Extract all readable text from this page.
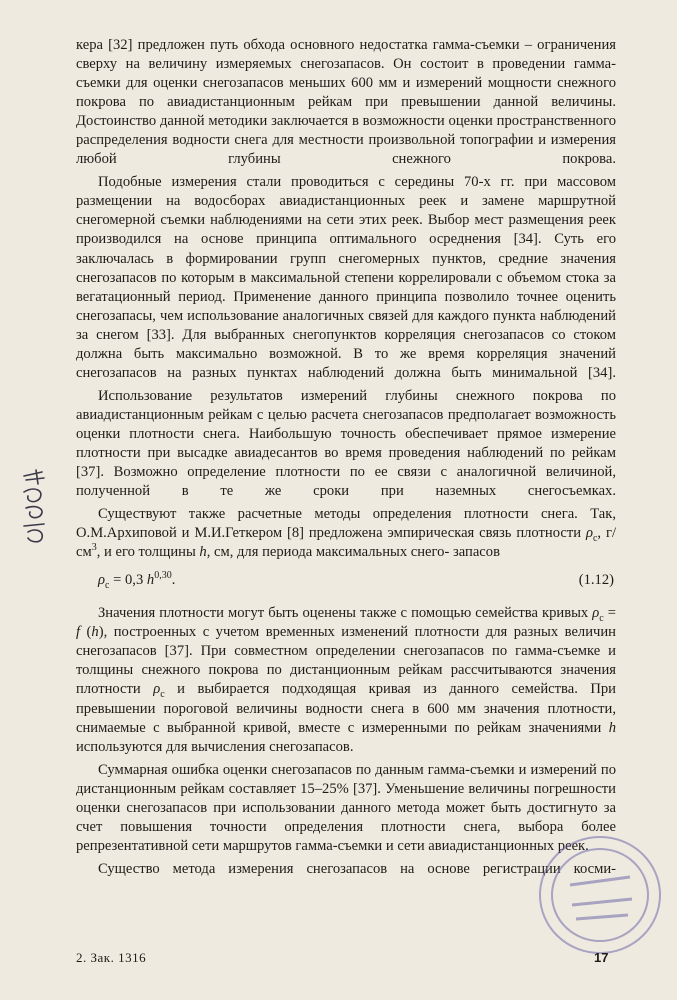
кера [32] предложен путь обхода основного недостатка гамма-съемки – ограничения сверху на величину измеряемых снегозапасов. Он состоит в проведении гамма-съемки для оценки снегозапасов меньших 600 мм и измерений мощности снежного покрова по авиадистанционным рейкам при превышении данной величины. Достоинство данной методики заключается в возможности оценки пространственного распределения водности снега для местности произвольной топографии и измерения любой глубины снежного покрова.

Подобные измерения стали проводиться с середины 70-х гг. при массовом размещении на водосборах авиадистанционных реек и замене маршрутной снегомерной съемки наблюдениями на сети этих реек. Выбор мест размещения реек производился на основе принципа оптимального осреднения [34]. Суть его заключалась в формировании групп снегомерных пунктов, средние значения снегозапасов по которым в максимальной степени коррелировали с объемом стока за вегатационный период. Применение данного принципа позволило точнее оценить снегозапасы, чем использование аналогичных связей для каждого пункта наблюдений за снегом [33]. Для выбранных снегопунктов корреляция снегозапасов со стоком должна быть максимально возможной. В то же время корреляция значений снегозапасов на разных пунктах наблюдений должна быть минимальной [34].

Использование результатов измерений глубины снежного покрова по авиадистанционным рейкам с целью расчета снегозапасов предполагает возможность оценки плотности снега. Наибольшую точность обеспечивает прямое измерение плотности при высадке авиадесантов во время проведения наблюдений по рейкам [37]. Возможно определение плотности по ее связи с аналогичной величиной, полученной в те же сроки при наземных снегосъемках.

Существуют также расчетные методы определения плотности снега. Так, О.М.Архиповой и М.И.Геткером [8] предложена эмпирическая связь плотности $\rho_с$, $г/см^3$, и его толщины h, см, для периода максимальных снего- запасов

$\rho_с = 0,3$ $h^{0,30}$.	(1.12)

Значения плотности могут быть оценены также с помощью семейства кривых $\rho_с = f$ (h), построенных с учетом временных изменений плотности для разных величин снегозапасов [37]. При совместном определении снегозапасов по гамма-съемке и толщины снежного покрова по дистанционным рейкам рассчитываются значения плотности $\rho_с$ и выбирается подходящая кривая из данного семейства. При превышении пороговой величины водности снега в 600 мм значения плотности, снимаемые с выбранной кривой, вместе с измеренными по рейкам значениями h используются для вычисления снегозапасов.

Суммарная ошибка оценки снегозапасов по данным гамма-съемки и измерений по дистанционным рейкам составляет 15–25% [37]. Уменьшение величины погрешности оценки снегозапасов при использовании данного метода может быть достигнуто за счет повышения точности определения плотности снега, выбора более репрезентативной сети маршрутов гамма-съемки и сети авиадистанционных реек.

Существо метода измерения снегозапасов на основе регистрации косми-

2. Зак. 1316	17
